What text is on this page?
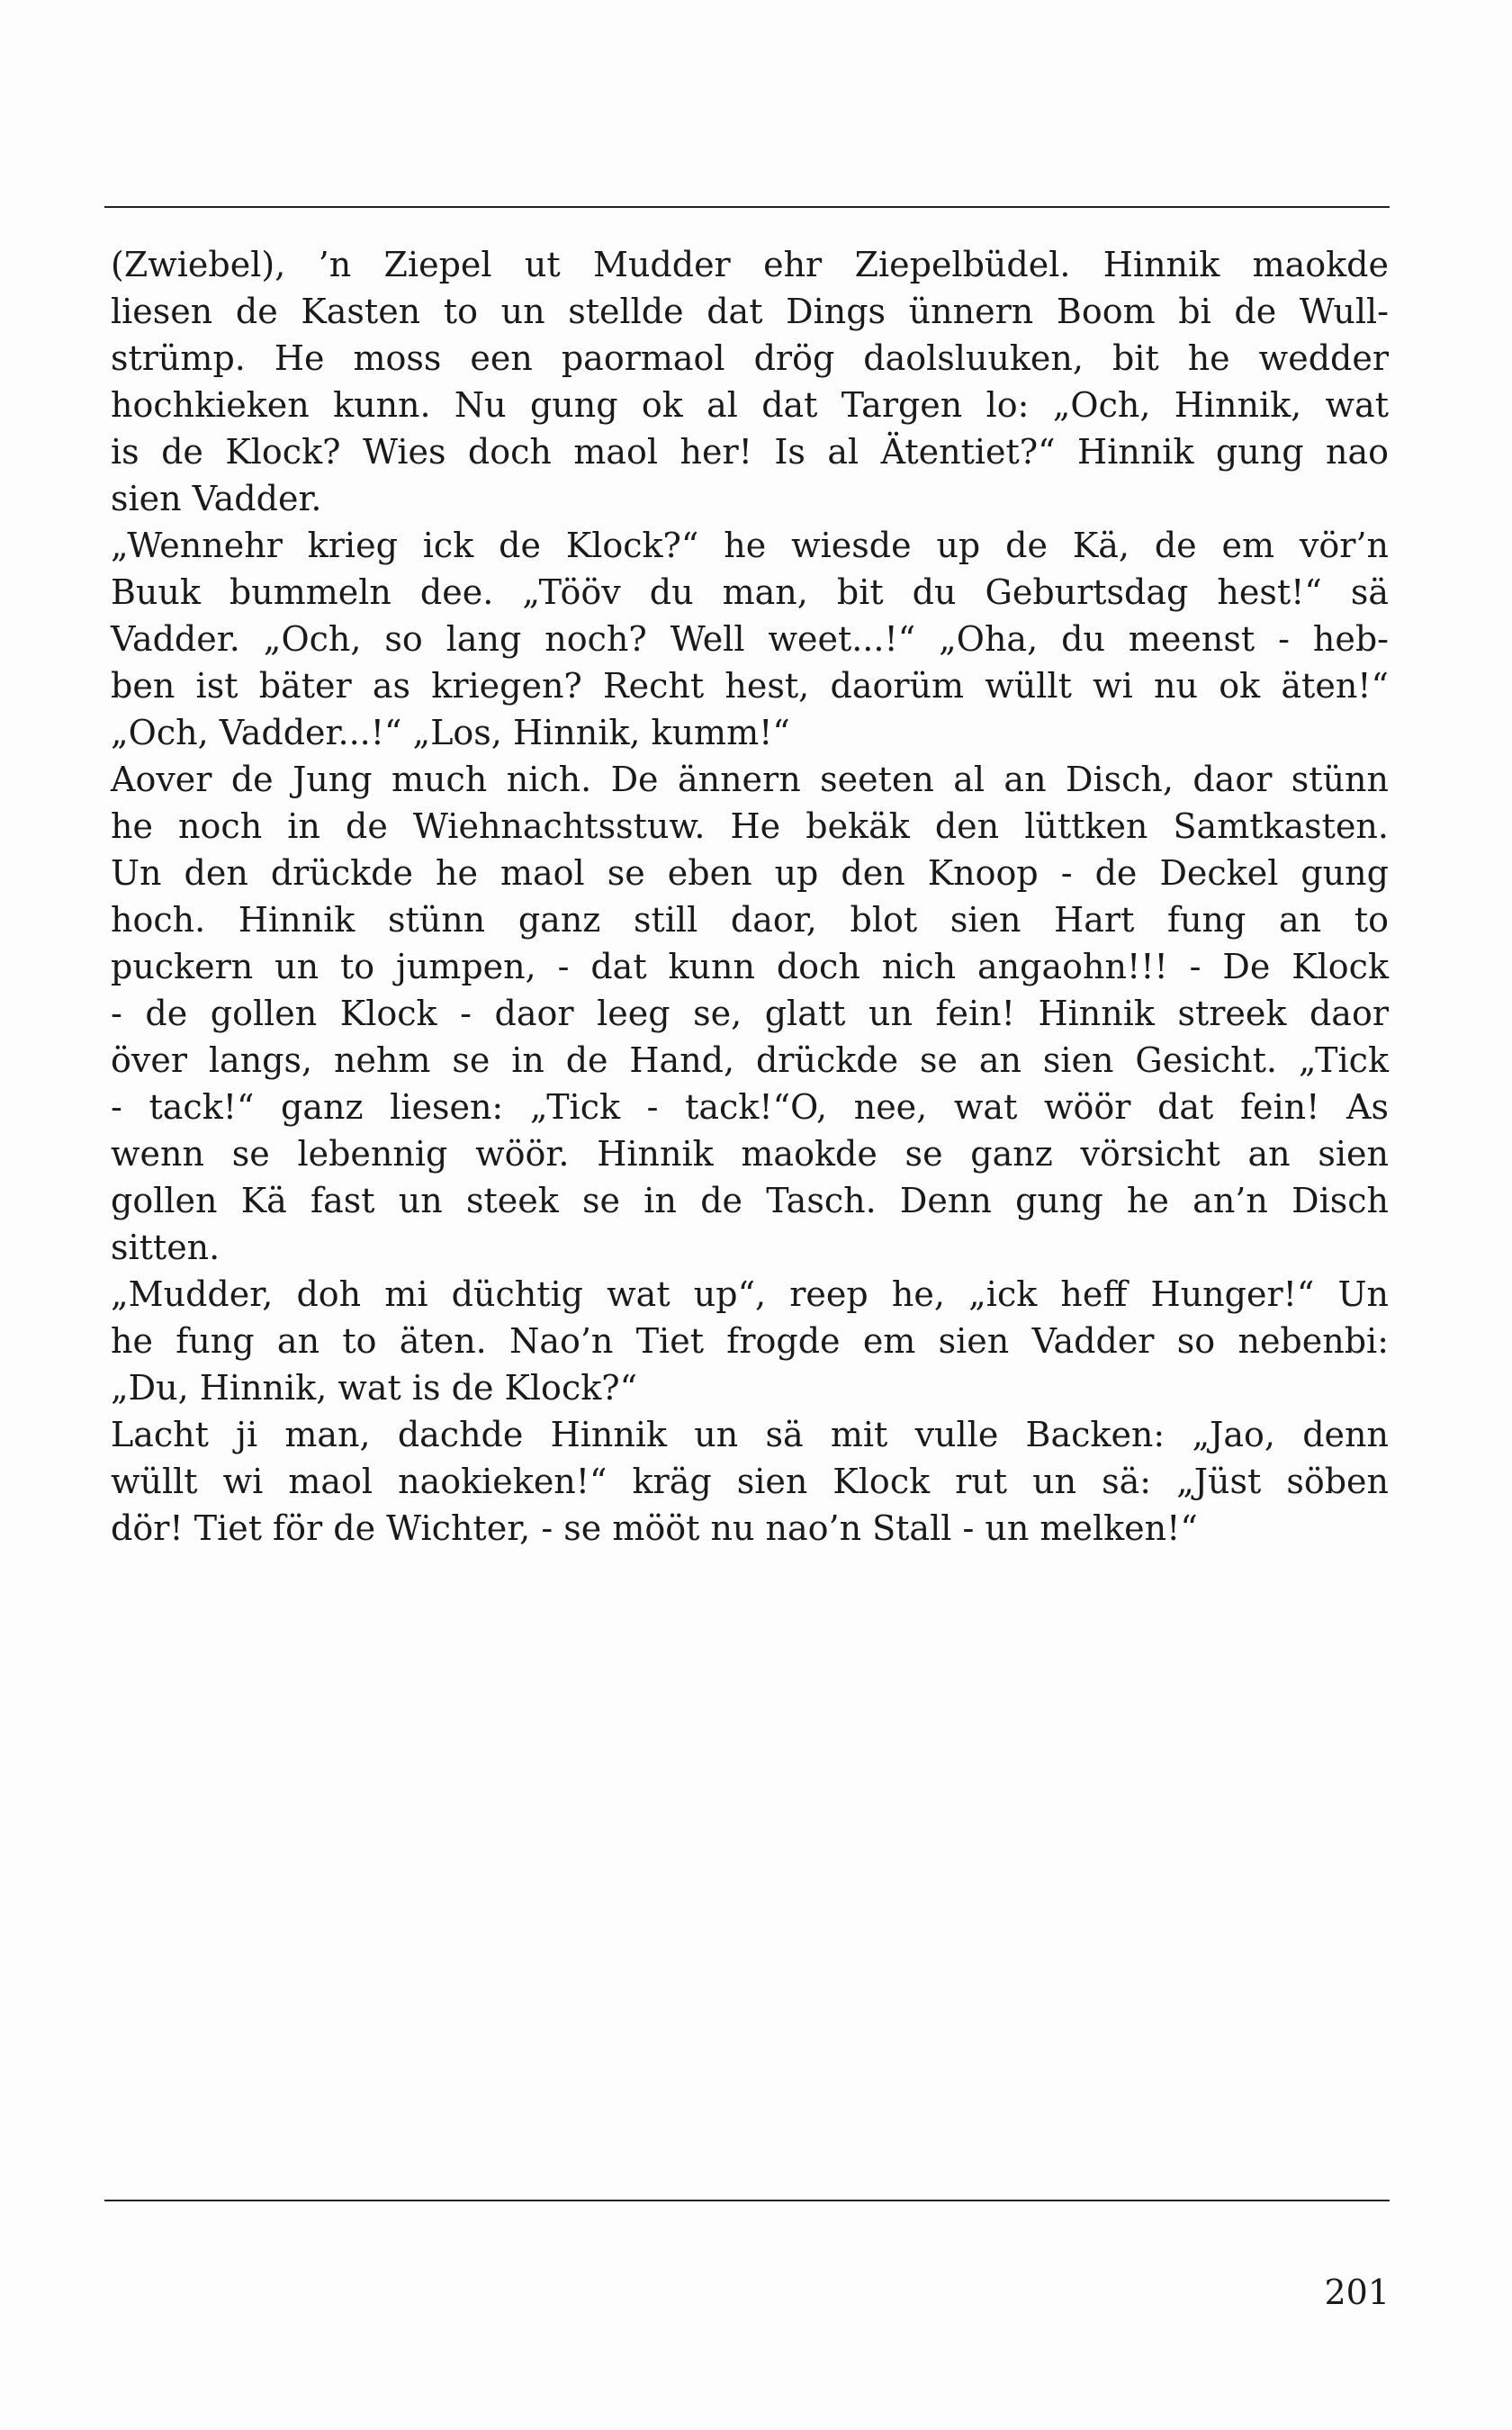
(Zwiebel), ’n Ziepel ut Mudder ehr Ziepelbüdel. Hinnik maokde
liesen de Kasten to un stellde dat Dings ünnern Boom bi de Wull-
strümp. He moss een paormaol drög daolsluuken, bit he wedder
hochkieken kunn. Nu gung ok al dat Targen lo: „Och, Hinnik, wat
is de Klock? Wies doch maol her! Is al Ätentiet?“ Hinnik gung nao
sien Vadder.
„Wennehr krieg ick de Klock?“ he wiesde up de Kä, de em vör’n
Buuk bummeln dee. „Tööv du man, bit du Geburtsdag hest!“ sä
Vadder. „Och, so lang noch? Well weet...!“ „Oha, du meenst - heb-
ben ist bäter as kriegen? Recht hest, daorüm wüllt wi nu ok äten!“
„Och, Vadder...!“ „Los, Hinnik, kumm!“
Aover de Jung much nich. De ännern seeten al an Disch, daor stünn
he noch in de Wiehnachtsstuw. He bekäk den lüttken Samtkasten.
Un den drückde he maol se eben up den Knoop - de Deckel gung
hoch. Hinnik stünn ganz still daor, blot sien Hart fung an to
puckern un to jumpen, - dat kunn doch nich angaohn!!! - De Klock
- de gollen Klock - daor leeg se, glatt un fein! Hinnik streek daor
över langs, nehm se in de Hand, drückde se an sien Gesicht. „Tick
- tack!“ ganz liesen: „Tick - tack!“O, nee, wat wöör dat fein! As
wenn se lebennig wöör. Hinnik maokde se ganz vörsicht an sien
gollen Kä fast un steek se in de Tasch. Denn gung he an’n Disch
sitten.
„Mudder, doh mi düchtig wat up“, reep he, „ick heff Hunger!“ Un
he fung an to äten. Nao’n Tiet frogde em sien Vadder so nebenbi:
„Du, Hinnik, wat is de Klock?“
Lacht ji man, dachde Hinnik un sä mit vulle Backen: „Jao, denn
wüllt wi maol naokieken!“ kräg sien Klock rut un sä: „Jüst söben
dör! Tiet för de Wichter, - se mööt nu nao’n Stall - un melken!“
201
